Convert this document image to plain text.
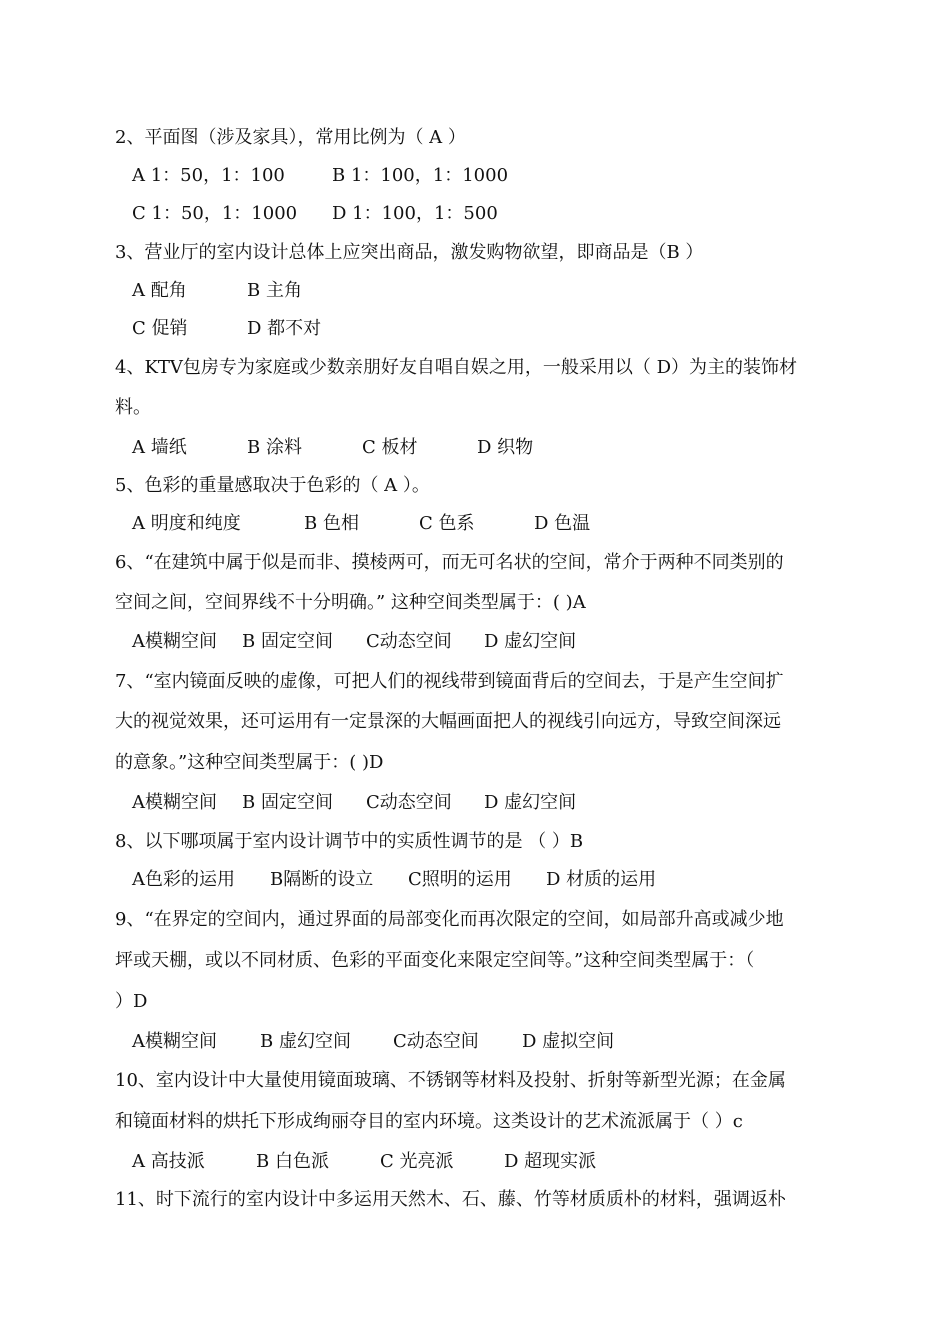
2、平面图（涉及家具），常用比例为（ A ）
A 1：50，1：100	B 1：100，1：1000
C 1：50，1：1000 D 1：100，1：500
3、营业厅的室内设计总体上应突出商品，激发购物欲望，即商品是（B ）
A 配角	B 主角
C 促销	D 都不对
4、KTV包房专为家庭或少数亲朋好友自唱自娱之用，一般采用以（ D）为主的装饰材
料。
A 墙纸	B 涂料	C 板材	D 织物
5、色彩的重量感取决于色彩的（ A ）。
A 明度和纯度	B 色相	C 色系	D 色温
6、“在建筑中属于似是而非、摸棱两可，而无可名状的空间，常介于两种不同类别的
空间之间，空间界线不十分明确。” 这种空间类型属于：( )A
A模糊空间 B 固定空间 C动态空间 D 虚幻空间
7、“室内镜面反映的虚像，可把人们的视线带到镜面背后的空间去，于是产生空间扩
大的视觉效果，还可运用有一定景深的大幅画面把人的视线引向远方，导致空间深远
的意象。”这种空间类型属于：( )D
A模糊空间 B 固定空间 C动态空间 D 虚幻空间
8、以下哪项属于室内设计调节中的实质性调节的是 （ ）B
A色彩的运用 B隔断的设立 C照明的运用 D 材质的运用
9、“在界定的空间内，通过界面的局部变化而再次限定的空间，如局部升高或减少地
坪或天棚，或以不同材质、色彩的平面变化来限定空间等。”这种空间类型属于：（
）D
A模糊空间 B 虚幻空间 C动态空间 D 虚拟空间
10、室内设计中大量使用镜面玻璃、不锈钢等材料及投射、折射等新型光源；在金属
和镜面材料的烘托下形成绚丽夺目的室内环境。这类设计的艺术流派属于（ ）c
A 高技派	B 白色派	C 光亮派	D 超现实派
11、时下流行的室内设计中多运用天然木、石、藤、竹等材质质朴的材料，强调返朴
